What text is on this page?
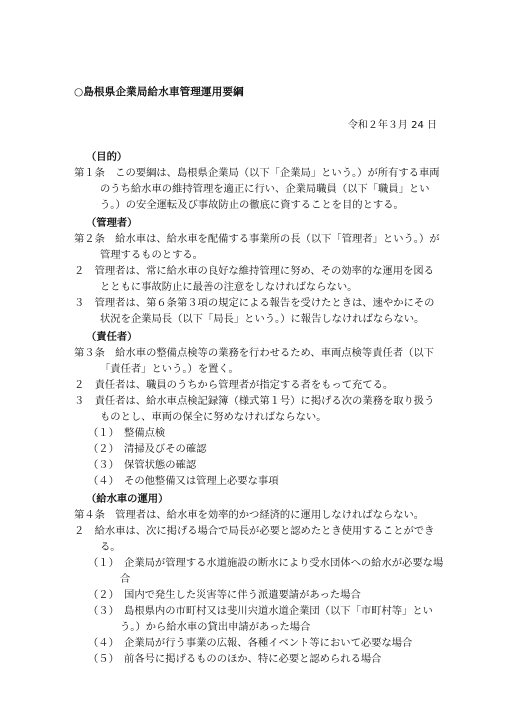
○島根県企業局給水車管理運用要綱
令和２年３月 24 日
（目的）
第１条　この要綱は、島根県企業局（以下「企業局」という。）が所有する車両のうち給水車の維持管理を適正に行い、企業局職員（以下「職員」という。）の安全運転及び事故防止の徹底に資することを目的とする。
（管理者）
第２条　給水車は、給水車を配備する事業所の長（以下「管理者」という。）が管理するものとする。
２　管理者は、常に給水車の良好な維持管理に努め、その効率的な運用を図るとともに事故防止に最善の注意をしなければならない。
３　管理者は、第６条第３項の規定による報告を受けたときは、速やかにその状況を企業局長（以下「局長」という。）に報告しなければならない。
（責任者）
第３条　給水車の整備点検等の業務を行わせるため、車両点検等責任者（以下「責任者」という。）を置く。
２　責任者は、職員のうちから管理者が指定する者をもって充てる。
３　責任者は、給水車点検記録簿（様式第１号）に掲げる次の業務を取り扱うものとし、車両の保全に努めなければならない。
（１）　整備点検
（２）　清掃及びその確認
（３）　保管状態の確認
（４）　その他整備又は管理上必要な事項
（給水車の運用）
第４条　管理者は、給水車を効率的かつ経済的に運用しなければならない。
２　給水車は、次に掲げる場合で局長が必要と認めたとき使用することができる。
（１）　企業局が管理する水道施設の断水により受水団体への給水が必要な場合
（２）　国内で発生した災害等に伴う派遣要請があった場合
（３）　島根県内の市町村又は斐川宍道水道企業団（以下「市町村等」という。）から給水車の貸出申請があった場合
（４）　企業局が行う事業の広報、各種イベント等において必要な場合
（５）　前各号に掲げるもののほか、特に必要と認められる場合
